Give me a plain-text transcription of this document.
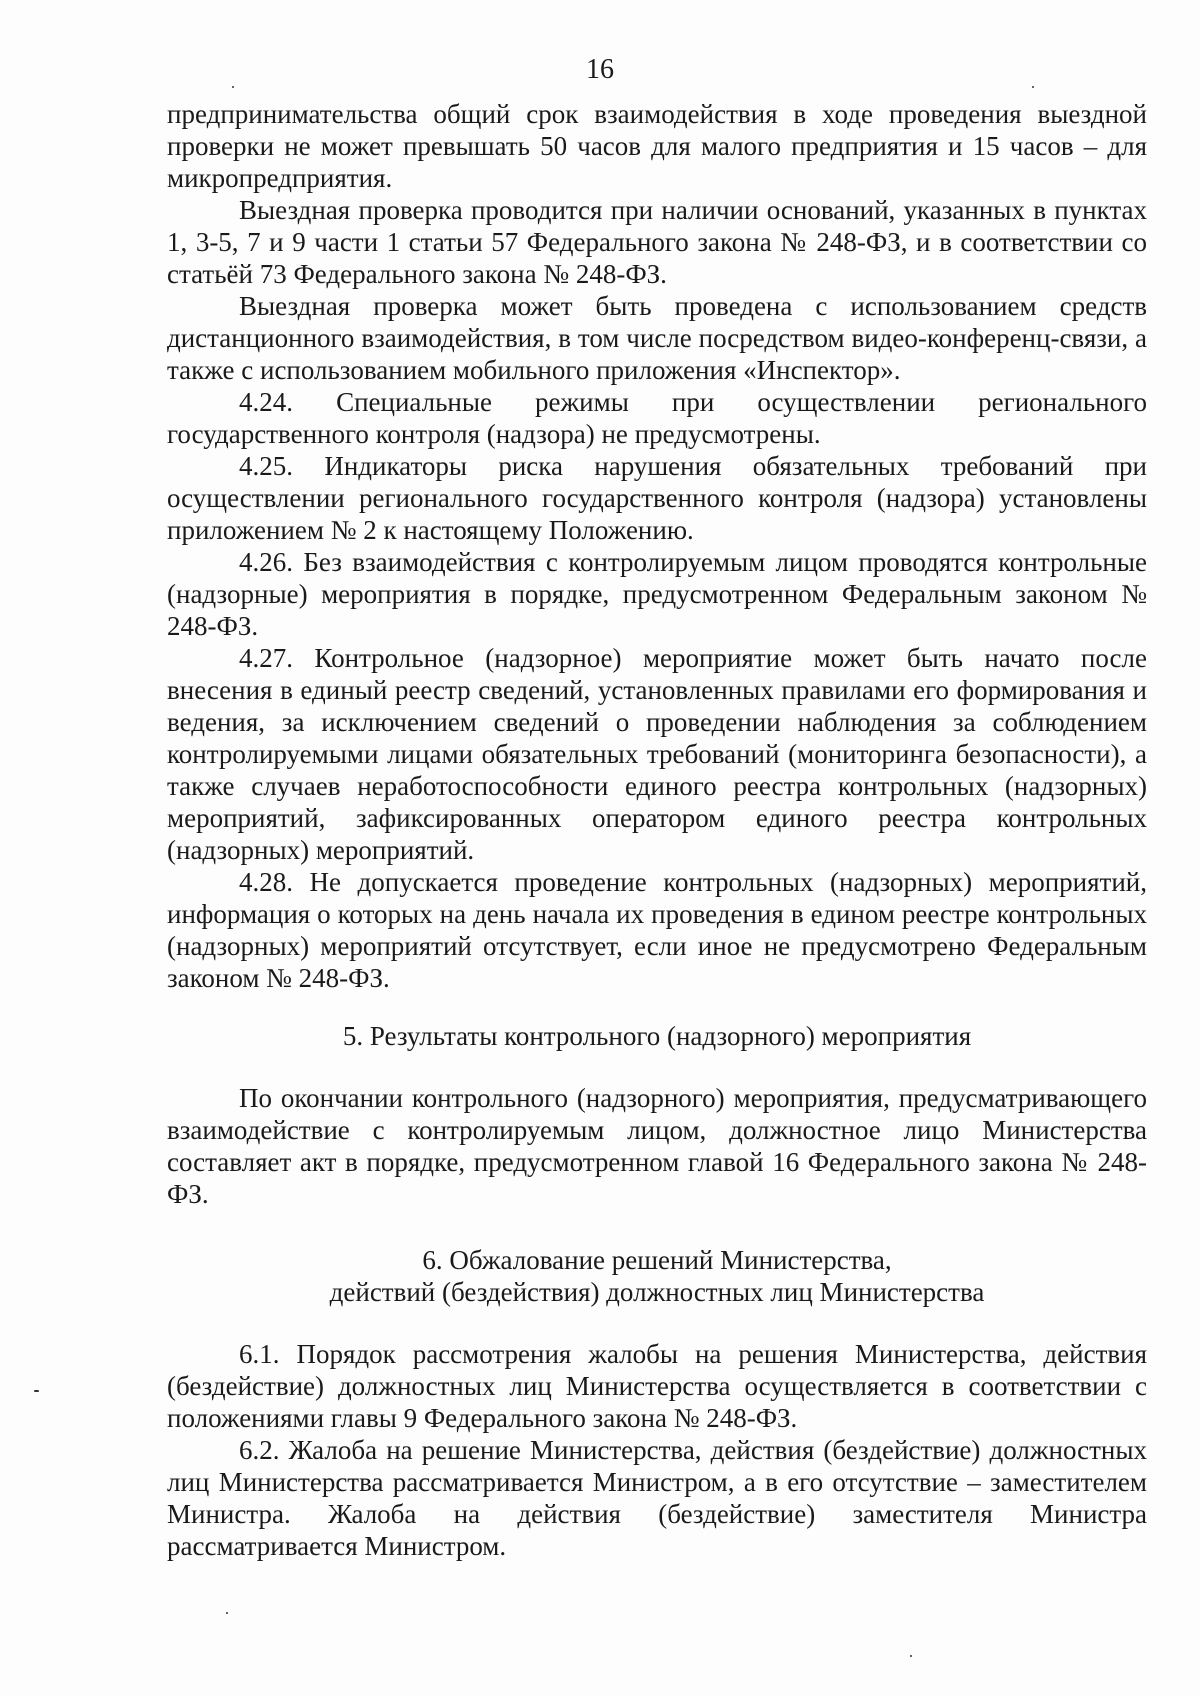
16

предпринимательства общий срок взаимодействия в ходе проведения выездной проверки не может превышать 50 часов для малого предприятия и 15 часов – для микропредприятия.

Выездная проверка проводится при наличии оснований, указанных в пунктах 1, 3-5, 7 и 9 части 1 статьи 57 Федерального закона № 248-ФЗ, и в соответствии со статьёй 73 Федерального закона № 248-ФЗ.

Выездная проверка может быть проведена с использованием средств дистанционного взаимодействия, в том числе посредством видео-конференц-связи, а также с использованием мобильного приложения «Инспектор».

4.24. Специальные режимы при осуществлении регионального государственного контроля (надзора) не предусмотрены.

4.25. Индикаторы риска нарушения обязательных требований при осуществлении регионального государственного контроля (надзора) установлены приложением № 2 к настоящему Положению.

4.26. Без взаимодействия с контролируемым лицом проводятся контрольные (надзорные) мероприятия в порядке, предусмотренном Федеральным законом № 248-ФЗ.

4.27. Контрольное (надзорное) мероприятие может быть начато после внесения в единый реестр сведений, установленных правилами его формирования и ведения, за исключением сведений о проведении наблюдения за соблюдением контролируемыми лицами обязательных требований (мониторинга безопасности), а также случаев неработоспособности единого реестра контрольных (надзорных) мероприятий, зафиксированных оператором единого реестра контрольных (надзорных) мероприятий.

4.28. Не допускается проведение контрольных (надзорных) мероприятий, информация о которых на день начала их проведения в едином реестре контрольных (надзорных) мероприятий отсутствует, если иное не предусмотрено Федеральным законом № 248-ФЗ.

5. Результаты контрольного (надзорного) мероприятия

По окончании контрольного (надзорного) мероприятия, предусматривающего взаимодействие с контролируемым лицом, должностное лицо Министерства составляет акт в порядке, предусмотренном главой 16 Федерального закона № 248-ФЗ.

6. Обжалование решений Министерства,
действий (бездействия) должностных лиц Министерства

6.1. Порядок рассмотрения жалобы на решения Министерства, действия (бездействие) должностных лиц Министерства осуществляется в соответствии с положениями главы 9 Федерального закона № 248-ФЗ.

6.2. Жалоба на решение Министерства, действия (бездействие) должностных лиц Министерства рассматривается Министром, а в его отсутствие – заместителем Министра. Жалоба на действия (бездействие) заместителя Министра рассматривается Министром.
